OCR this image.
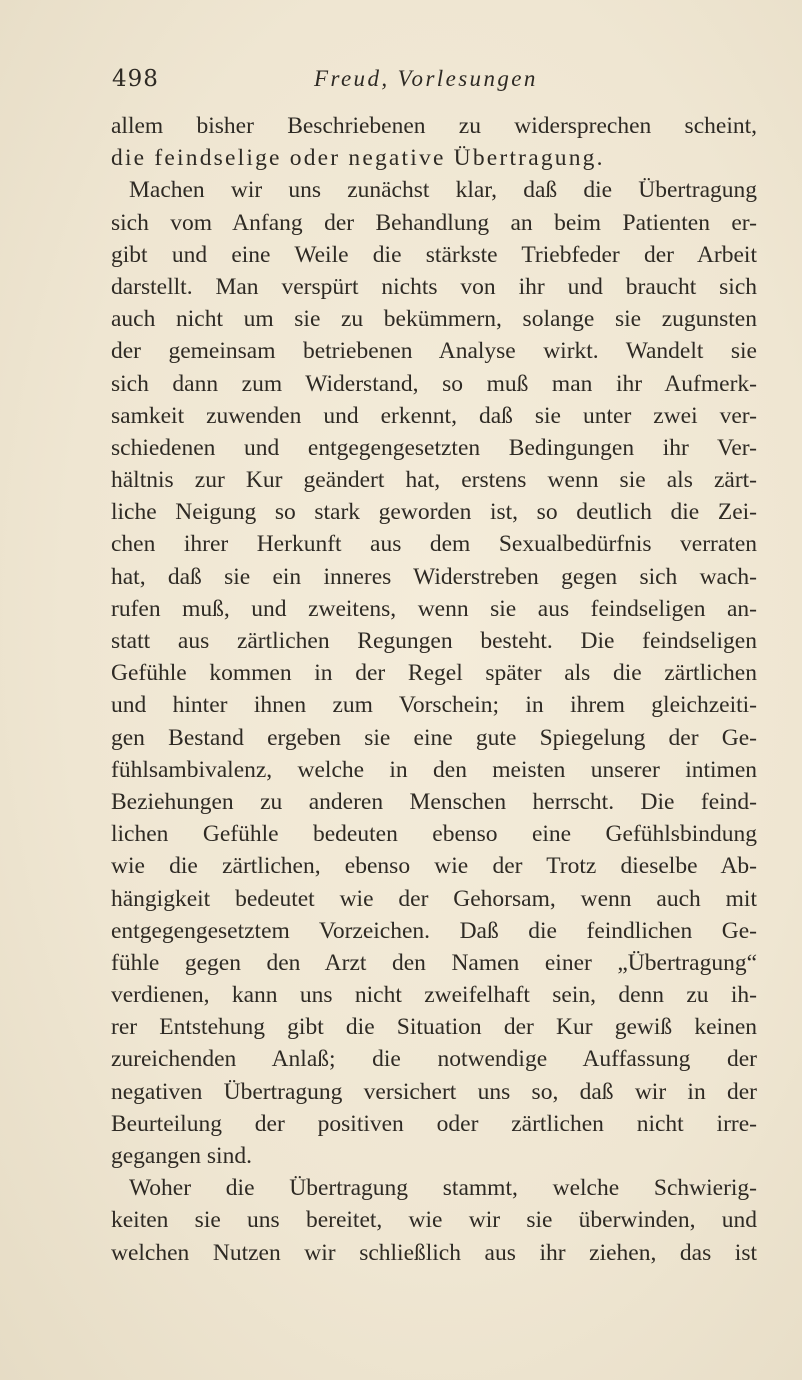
498	Freud, Vorlesungen
allem bisher Beschriebenen zu widersprechen scheint,
die feindselige oder negative Übertragung.
Machen wir uns zunächst klar, daß die Übertragung
sich vom Anfang der Behandlung an beim Patienten er-
gibt und eine Weile die stärkste Triebfeder der Arbeit
darstellt. Man verspürt nichts von ihr und braucht sich
auch nicht um sie zu bekümmern, solange sie zugunsten
der gemeinsam betriebenen Analyse wirkt. Wandelt sie
sich dann zum Widerstand, so muß man ihr Aufmerk-
samkeit zuwenden und erkennt, daß sie unter zwei ver-
schiedenen und entgegengesetzten Bedingungen ihr Ver-
hältnis zur Kur geändert hat, erstens wenn sie als zärt-
liche Neigung so stark geworden ist, so deutlich die Zei-
chen ihrer Herkunft aus dem Sexualbedürfnis verraten
hat, daß sie ein inneres Widerstreben gegen sich wach-
rufen muß, und zweitens, wenn sie aus feindseligen an-
statt aus zärtlichen Regungen besteht. Die feindseligen
Gefühle kommen in der Regel später als die zärtlichen
und hinter ihnen zum Vorschein; in ihrem gleichzeiti-
gen Bestand ergeben sie eine gute Spiegelung der Ge-
fühlsambivalenz, welche in den meisten unserer intimen
Beziehungen zu anderen Menschen herrscht. Die feind-
lichen Gefühle bedeuten ebenso eine Gefühlsbindung
wie die zärtlichen, ebenso wie der Trotz dieselbe Ab-
hängigkeit bedeutet wie der Gehorsam, wenn auch mit
entgegengesetztem Vorzeichen. Daß die feindlichen Ge-
fühle gegen den Arzt den Namen einer „Übertragung“
verdienen, kann uns nicht zweifelhaft sein, denn zu ih-
rer Entstehung gibt die Situation der Kur gewiß keinen
zureichenden Anlaß; die notwendige Auffassung der
negativen Übertragung versichert uns so, daß wir in der
Beurteilung der positiven oder zärtlichen nicht irre-
gegangen sind.
Woher die Übertragung stammt, welche Schwierig-
keiten sie uns bereitet, wie wir sie überwinden, und
welchen Nutzen wir schließlich aus ihr ziehen, das ist
